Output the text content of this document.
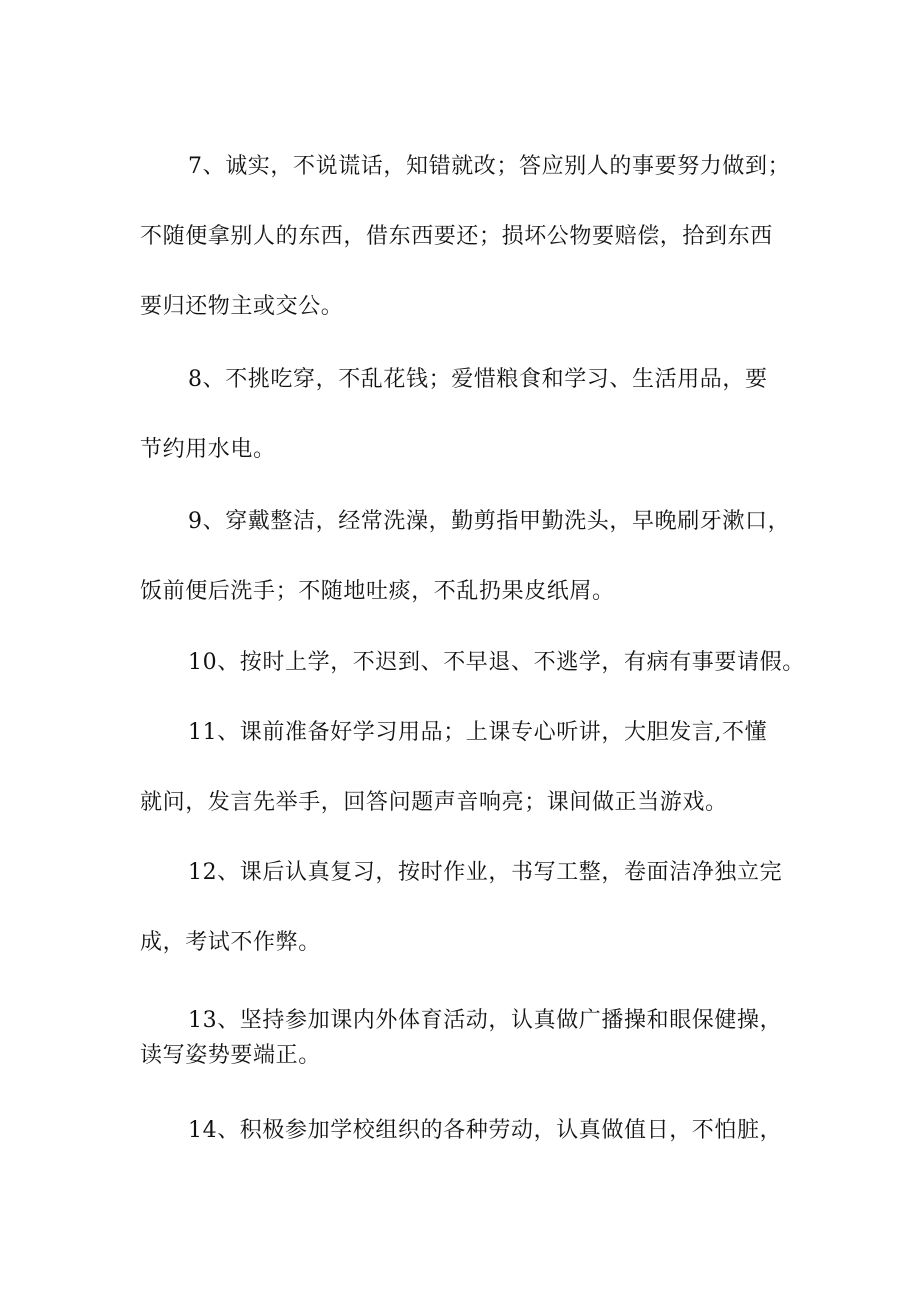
7、诚实，不说谎话，知错就改；答应别人的事要努力做到；
不随便拿别人的东西，借东西要还；损坏公物要赔偿，拾到东西
要归还物主或交公。
8、不挑吃穿，不乱花钱；爱惜粮食和学习、生活用品，要
节约用水电。
9、穿戴整洁，经常洗澡，勤剪指甲勤洗头，早晚刷牙漱口，
饭前便后洗手；不随地吐痰，不乱扔果皮纸屑。
10、按时上学，不迟到、不早退、不逃学，有病有事要请假。
11、课前准备好学习用品；上课专心听讲，大胆发言,不懂
就问，发言先举手，回答问题声音响亮；课间做正当游戏。
12、课后认真复习，按时作业，书写工整，卷面洁净独立完
成，考试不作弊。
13、坚持参加课内外体育活动，认真做广播操和眼保健操，
读写姿势要端正。
14、积极参加学校组织的各种劳动，认真做值日，不怕脏，
